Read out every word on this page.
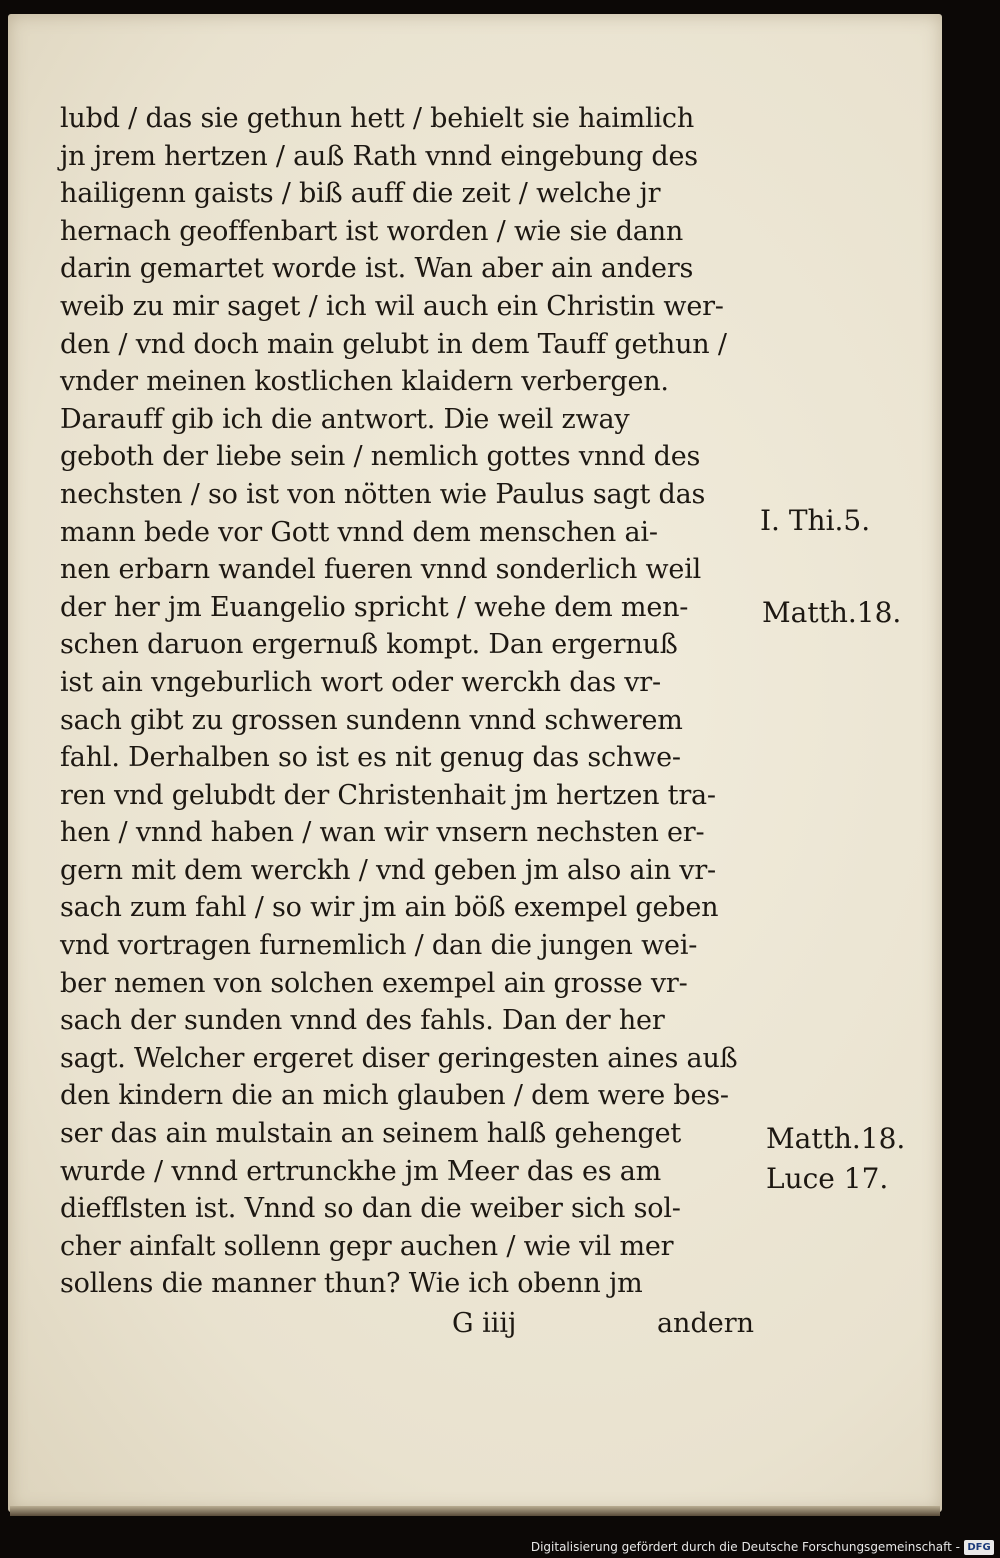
lubd / das sie gethun hett / behielt sie haimlich
jn jrem hertzen / auß Rath vnnd eingebung des
hailigenn gaists / biß auff die zeit / welche jr
hernach geoffenbart ist worden / wie sie dann
darin gemartet worde ist. Wan aber ain anders
weib zu mir saget / ich wil auch ein Christin wer-
den / vnd doch main gelubt in dem Tauff gethun /
vnder meinen kostlichen klaidern verbergen.
Darauff gib ich die antwort. Die weil zway
geboth der liebe sein / nemlich gottes vnnd des
nechsten / so ist von nötten wie Paulus sagt das
mann bede vor Gott vnnd dem menschen ai-
nen erbarn wandel fueren vnnd sonderlich weil
der her jm Euangelio spricht / wehe dem men-
schen daruon ergernuß kompt. Dan ergernuß
ist ain vngeburlich wort oder werckh das vr-
sach gibt zu grossen sundenn vnnd schwerem
fahl. Derhalben so ist es nit genug das schwe-
ren vnd gelubdt der Christenhait jm hertzen tra-
hen / vnnd haben / wan wir vnsern nechsten er-
gern mit dem werckh / vnd geben jm also ain vr-
sach zum fahl / so wir jm ain böß exempel geben
vnd vortragen furnemlich / dan die jungen wei-
ber nemen von solchen exempel ain grosse vr-
sach der sunden vnnd des fahls. Dan der her
sagt. Welcher ergeret diser geringesten aines auß
den kindern die an mich glauben / dem were bes-
ser das ain mulstain an seinem halß gehenget
wurde / vnnd ertrunckhe jm Meer das es am
diefflsten ist. Vnnd so dan die weiber sich sol-
cher ainfalt sollenn gepr auchen / wie vil mer
sollens die manner thun? Wie ich obenn jm
I. Thi.5.
Matth.18.
Matth.18.
Luce 17.
G iiij	andern
Digitalisierung gefördert durch die Deutsche Forschungsgemeinschaft - DFG
